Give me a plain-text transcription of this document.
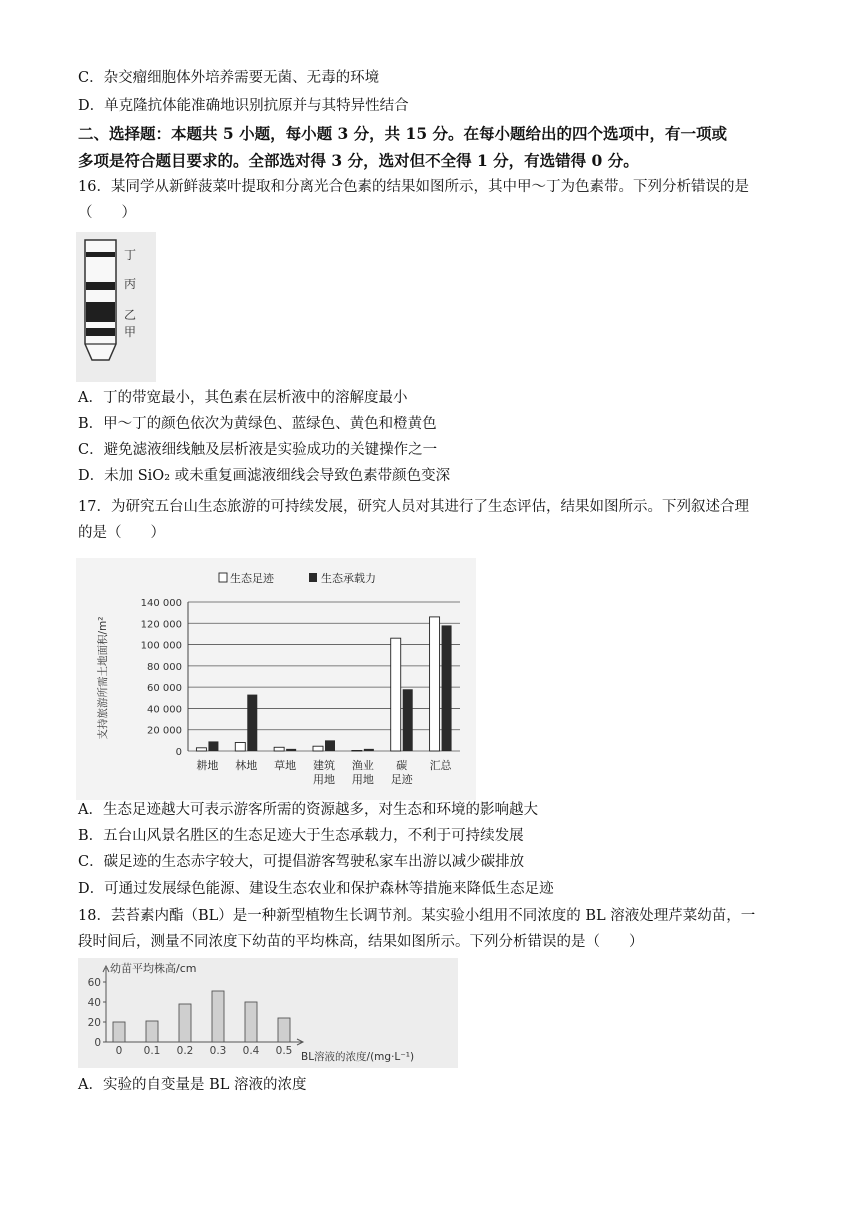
C．杂交瘤细胞体外培养需要无菌、无毒的环境
D．单克隆抗体能准确地识别抗原并与其特异性结合
二、选择题：本题共 5 小题，每小题 3 分，共 15 分。在每小题给出的四个选项中，有一项或
多项是符合题目要求的。全部选对得 3 分，选对但不全得 1 分，有选错得 0 分。
16．某同学从新鲜菠菜叶提取和分离光合色素的结果如图所示，其中甲～丁为色素带。下列分析错误的是
（　　）
丁
丙
乙
甲
A．丁的带宽最小，其色素在层析液中的溶解度最小
B．甲～丁的颜色依次为黄绿色、蓝绿色、黄色和橙黄色
C．避免滤液细线触及层析液是实验成功的关键操作之一
D．未加 SiO₂ 或未重复画滤液细线会导致色素带颜色变深
17．为研究五台山生态旅游的可持续发展，研究人员对其进行了生态评估，结果如图所示。下列叙述合理
的是（　　）
支持旅游所需土地面积/m²
0
20 000
40 000
60 000
80 000
100 000
120 000
140 000
耕地 林地 草地 建筑
用地
渔业
用地
碳
足迹
汇总
生态足迹	生态承载力
A．生态足迹越大可表示游客所需的资源越多，对生态和环境的影响越大
B．五台山风景名胜区的生态足迹大于生态承载力，不利于可持续发展
C．碳足迹的生态赤字较大，可提倡游客驾驶私家车出游以减少碳排放
D．可通过发展绿色能源、建设生态农业和保护森林等措施来降低生态足迹
18．芸苔素内酯（BL）是一种新型植物生长调节剂。某实验小组用不同浓度的 BL 溶液处理芹菜幼苗，一
段时间后，测量不同浓度下幼苗的平均株高，结果如图所示。下列分析错误的是（　　）
幼苗平均株高/cm
BL溶液的浓度/(mg·L⁻¹)
0
20
40
60
0 0.1 0.2 0.3 0.4 0.5
A．实验的自变量是 BL 溶液的浓度
